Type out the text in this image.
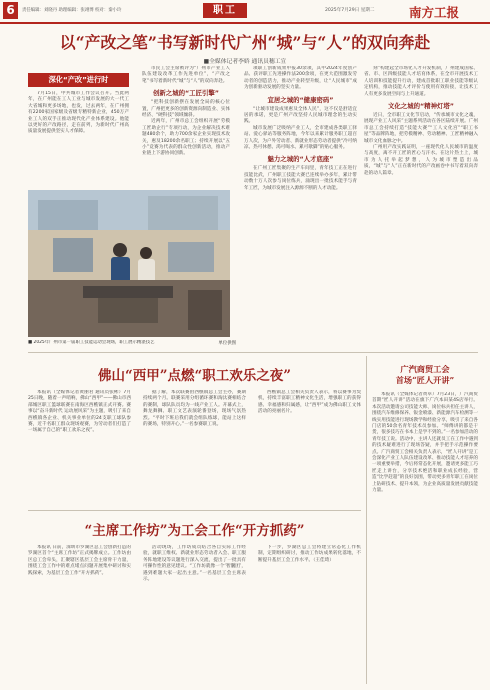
6	责任编辑：刘晓丹 助理编辑：张翊博 校对：秦小玲	职工	2025年7月29日 星期二	南方工报
以“产改之笔”书写新时代广州“城”与“人”的双向奔赴
■全媒体记者李娇 通讯员穗工宣
深化“产改”进行时

7月15日，中共城市工作会议召开。当此两年，在广州能在工人工业与城市发展的大一代工大省城和更多场地，也发，过去两年，在广州拥有2200家国家级及省级专精特新企业，450万产业工人的双手正推动现代化产业体系建设。他能以更好的产改路径，走在前列，为新时代广州高质量发展提供坚实人才保障。

市民工会主席被评为“广州市产业工人队伍建设改革工作先进单位”，“产改之笔”书写着新时代“城”与“人”的双向奔赴。

创新之城的“工匠引擎”

“把科技创新摆在发展全局的核心位置，广州把更多的创新资源向制造业、实体经济、“硬科技”领域倾斜。

近两年，广州市总工会组织开展“劳模工匠助企行”专项行动，为企业解决技术难题480余个，助力700余家企业实现技术攻关，惠及18200余名职工；持续开展以“五小”竞赛为代表的群众性创新活动，推动产业链上下游协同创新。

项职工创新成果申报30余项，其中2024年度创产品、获评职工先进操作法200余项，在更大范围激发劳动者的创造活力，推动产业转型升级，让“人民城市”成为创新驱动发展的坚实力量。

宜居之城的“健康密码”

“让城市建设成果惠及全体人民”，这不仅是舒适宜居的承诺，更是广州产改坚持人民城市理念的生动实践。

城市发展广泛吸纳产业工人，全市建成各类职工驿站、爱心驿站等服务阵地，今年以来累计服务职工超百万人次，为户外劳动者、新就业形态劳动者提供“冷可纳凉、热可休憩、渴可喝水、累可歇脚”的贴心服务。

魅力之城的“人才底座”

在广州工匠集聚的生产车间里，青年技工正在进行技能比武，广州职工技能大赛已连续举办多年，累计带动数十万人次参与岗位练兵，涌现出一批技术能手与青年工匠，为城市发展注入源源不断的人才动能。

刻”构建起全市场化人才开发机制，广州建成国家、省、市、区四级技能人才培育体系，在全市开展技术工人培训和技能提升行动，建成首批职工职业技能等级认定机构，推动技能人才评价与使用有效衔接，让技术工人有更多发展空间与上升通道。

文化之城的“精神灯塔”

近日，全市职工文化节启动，“传承城市文化之魂，展现产业工人风采”主题系列活动在各区陆续开展。广州市总工会持续打造“技能大赛”“工人文化宫”“职工书屋”等品牌阵地，把劳模精神、劳动精神、工匠精神融入城市文化血脉之中。

广州用产改实践证明，一座现代化人民城市的温度与高度，离不开工匠的匠心与汗水。在这片热土上，城市为人托举起梦想，人为城市塑造出品质，“城”与“人”正在新时代的产改画卷中书写着双向奔赴的动人篇章。

■ 2025年广州市第一届职工技能运动会现场，职工展示精湛技艺	单位供图
佛山“西甲”点燃“职工欢乐之夜”

本报讯（全媒体记者黄丽君 通讯员张彬）7月25日晚，随着一声哨响，佛山“西甲”——佛山市西部城区职工篮球联赛在南海区西樵镇正式开赛。赛事以“奋斗新时代 运动展风采”为主题，吸引了来自西樵镇各企业、机关事业单位的24支职工球队参赛，近千名职工群众现场观赛，为劳动者们打造了一场属于自己的“职工欢乐之夜”。

据了解，本次联赛由西樵镇总工会主办，赛期持续两个月。联赛采用分组循环赛和淘汰赛相结合的赛制，球队队员均为一线产业工人。开幕式上，舞龙舞狮、职工文艺表演轮番登场，现场气氛热烈。“平时下班后我们就会组队练球，能站上这样的赛场，特别开心。”一名参赛职工说。

西樵镇总工会相关负责人表示，将以赛事为契机，持续丰富职工精神文化生活，增强职工的获得感、幸福感和归属感，让“西甲”成为佛山职工文体活动的亮丽名片。

“主席工作坊”为工会工作“开方抓药”

本报讯 日前，深圳市罗湖区总工会创新打造的罗湖区首个“主席工作坊”正式揭牌成立。工作坊由区总工会牵头，汇聚辖区基层工会主席骨干力量，围绕工会工作中的难点堵点问题开展集中研讨和实践探索，为基层工会工作“开方抓药”。

活动现场，工作坊成员结合各自实际工作经验，就职工维权、新就业形态劳动者入会、职工服务阵地建设等议题进行深入交流，提出了一批具有可操作性的意见建议。“工作坊就像一个‘智囊团’，遇到难题大家一起出主意。”一名基层工会主席表示。

下一步，罗湖区总工会将建立常态化工作机制，定期组织研讨，推动工作坊成果转化落地，不断提升基层工会工作水平。（王佳琦）

广汽商贸工会
首场“匠人开讲”

本报讯（全媒体记者黄卓）7月23日，广汽商贸首期“匠人开讲”活动在旗下广汽本田某4S店举行。本次活动邀请公司技能大师、岗位标兵担任主讲人，围绕汽车维修保养、钣金喷漆、新能源汽车检测等一线实用技能进行现场教学和经验分享，吸引了来自各门店的50余名青年技术员参加。“师傅讲的都是干货，很多技巧在书本上是学不到的。”一名参加活动的青年技工说。活动中，主讲人还就员工在工作中遇到的技术疑难进行了现场答疑，并手把手示范操作要点。广汽商贸工会相关负责人表示，“匠人开讲”是工会深化产业工人队伍建设改革、推动技能人才培养的一项重要举措，今后将常态化开展，邀请更多能工巧匠走上讲台，分享技术绝活和职业成长经验，营造“比学赶超”的良好氛围，带动更多青年职工在岗位上钻研技术、提升本领，为企业高质量发展贡献技能力量。
